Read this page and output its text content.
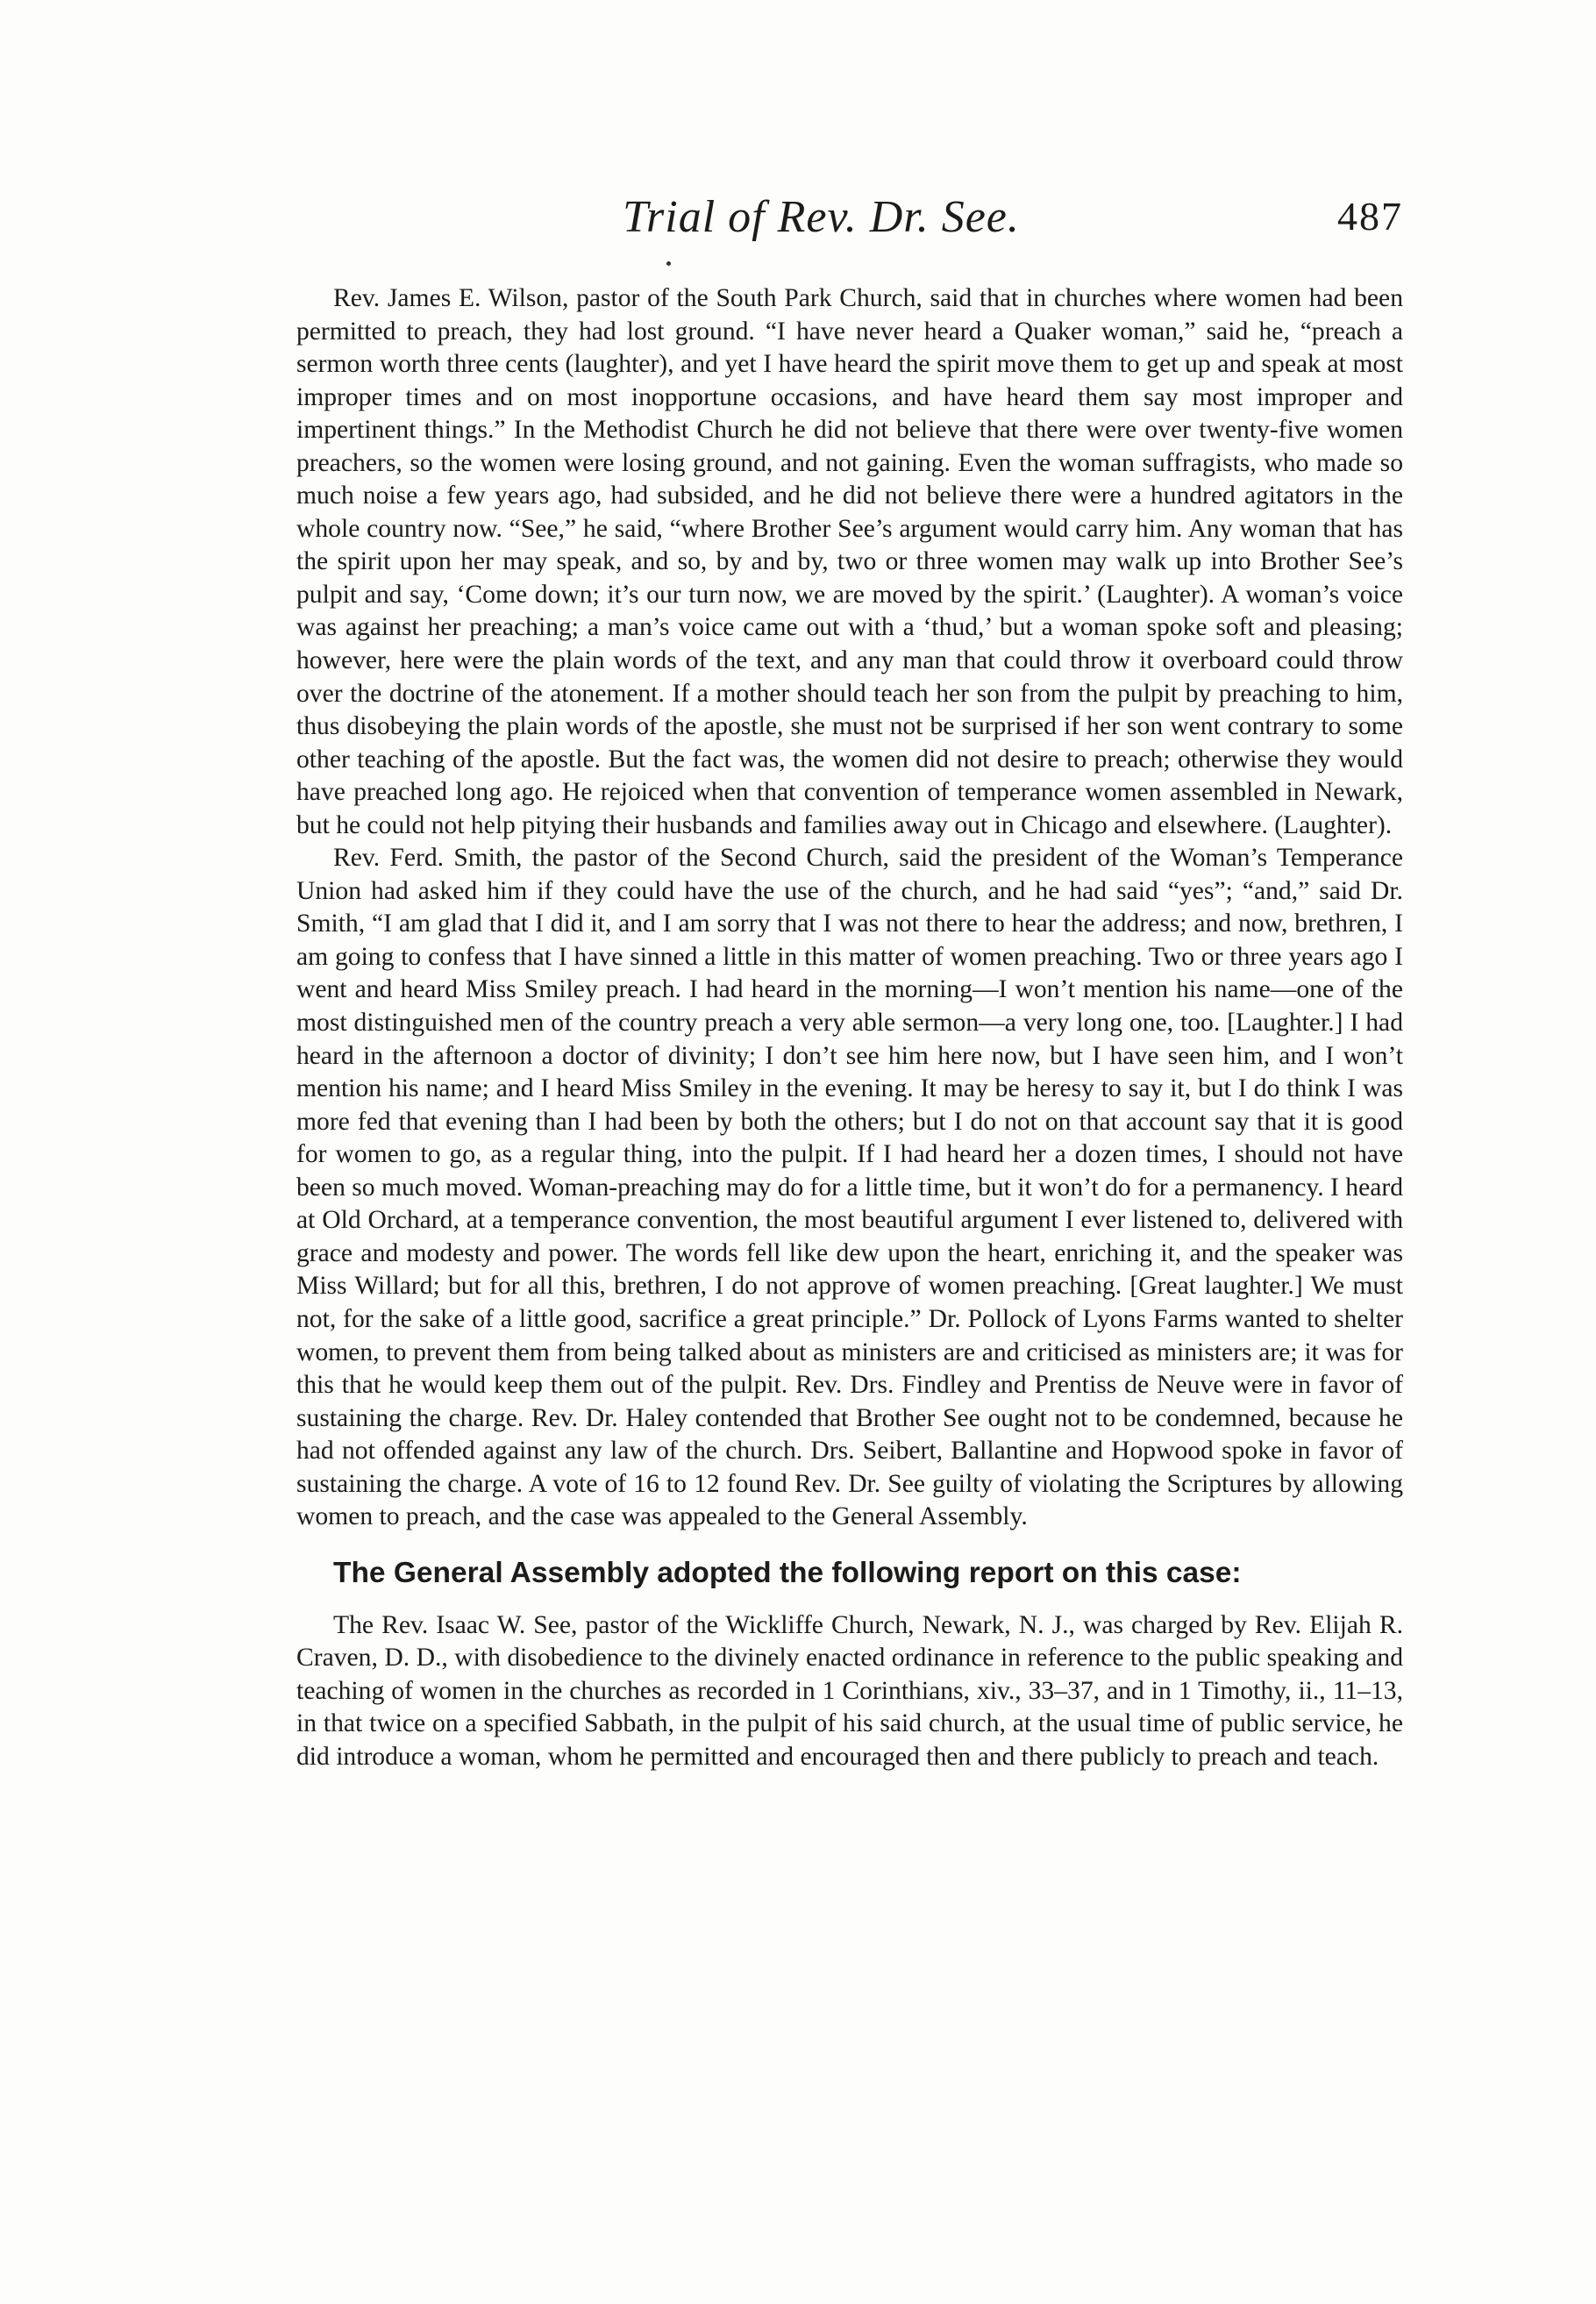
Trial of Rev. Dr. See.	487

Rev. James E. Wilson, pastor of the South Park Church, said that in churches where women had been permitted to preach, they had lost ground. “I have never heard a Quaker woman,” said he, “preach a sermon worth three cents (laughter), and yet I have heard the spirit move them to get up and speak at most improper times and on most inopportune occasions, and have heard them say most improper and impertinent things.” In the Methodist Church he did not believe that there were over twenty-five women preachers, so the women were losing ground, and not gaining. Even the woman suffragists, who made so much noise a few years ago, had subsided, and he did not believe there were a hundred agitators in the whole country now. “See,” he said, “where Brother See’s argument would carry him. Any woman that has the spirit upon her may speak, and so, by and by, two or three women may walk up into Brother See’s pulpit and say, ‘Come down; it’s our turn now, we are moved by the spirit.’ (Laughter). A woman’s voice was against her preaching; a man’s voice came out with a ‘thud,’ but a woman spoke soft and pleasing; however, here were the plain words of the text, and any man that could throw it overboard could throw over the doctrine of the atonement. If a mother should teach her son from the pulpit by preaching to him, thus disobeying the plain words of the apostle, she must not be surprised if her son went contrary to some other teaching of the apostle. But the fact was, the women did not desire to preach; otherwise they would have preached long ago. He rejoiced when that convention of temperance women assembled in Newark, but he could not help pitying their husbands and families away out in Chicago and elsewhere. (Laughter).

Rev. Ferd. Smith, the pastor of the Second Church, said the president of the Woman’s Temperance Union had asked him if they could have the use of the church, and he had said “yes”; “and,” said Dr. Smith, “I am glad that I did it, and I am sorry that I was not there to hear the address; and now, brethren, I am going to confess that I have sinned a little in this matter of women preaching. Two or three years ago I went and heard Miss Smiley preach. I had heard in the morning—I won’t mention his name—one of the most distinguished men of the country preach a very able sermon—a very long one, too. [Laughter.] I had heard in the afternoon a doctor of divinity; I don’t see him here now, but I have seen him, and I won’t mention his name; and I heard Miss Smiley in the evening. It may be heresy to say it, but I do think I was more fed that evening than I had been by both the others; but I do not on that account say that it is good for women to go, as a regular thing, into the pulpit. If I had heard her a dozen times, I should not have been so much moved. Woman-preaching may do for a little time, but it won’t do for a permanency. I heard at Old Orchard, at a temperance convention, the most beautiful argument I ever listened to, delivered with grace and modesty and power. The words fell like dew upon the heart, enriching it, and the speaker was Miss Willard; but for all this, brethren, I do not approve of women preaching. [Great laughter.] We must not, for the sake of a little good, sacrifice a great principle.” Dr. Pollock of Lyons Farms wanted to shelter women, to prevent them from being talked about as ministers are and criticised as ministers are; it was for this that he would keep them out of the pulpit. Rev. Drs. Findley and Prentiss de Neuve were in favor of sustaining the charge. Rev. Dr. Haley contended that Brother See ought not to be condemned, because he had not offended against any law of the church. Drs. Seibert, Ballantine and Hopwood spoke in favor of sustaining the charge. A vote of 16 to 12 found Rev. Dr. See guilty of violating the Scriptures by allowing women to preach, and the case was appealed to the General Assembly.

The General Assembly adopted the following report on this case:

The Rev. Isaac W. See, pastor of the Wickliffe Church, Newark, N. J., was charged by Rev. Elijah R. Craven, D. D., with disobedience to the divinely enacted ordinance in reference to the public speaking and teaching of women in the churches as recorded in 1 Corinthians, xiv., 33–37, and in 1 Timothy, ii., 11–13, in that twice on a specified Sabbath, in the pulpit of his said church, at the usual time of public service, he did introduce a woman, whom he permitted and encouraged then and there publicly to preach and teach.
